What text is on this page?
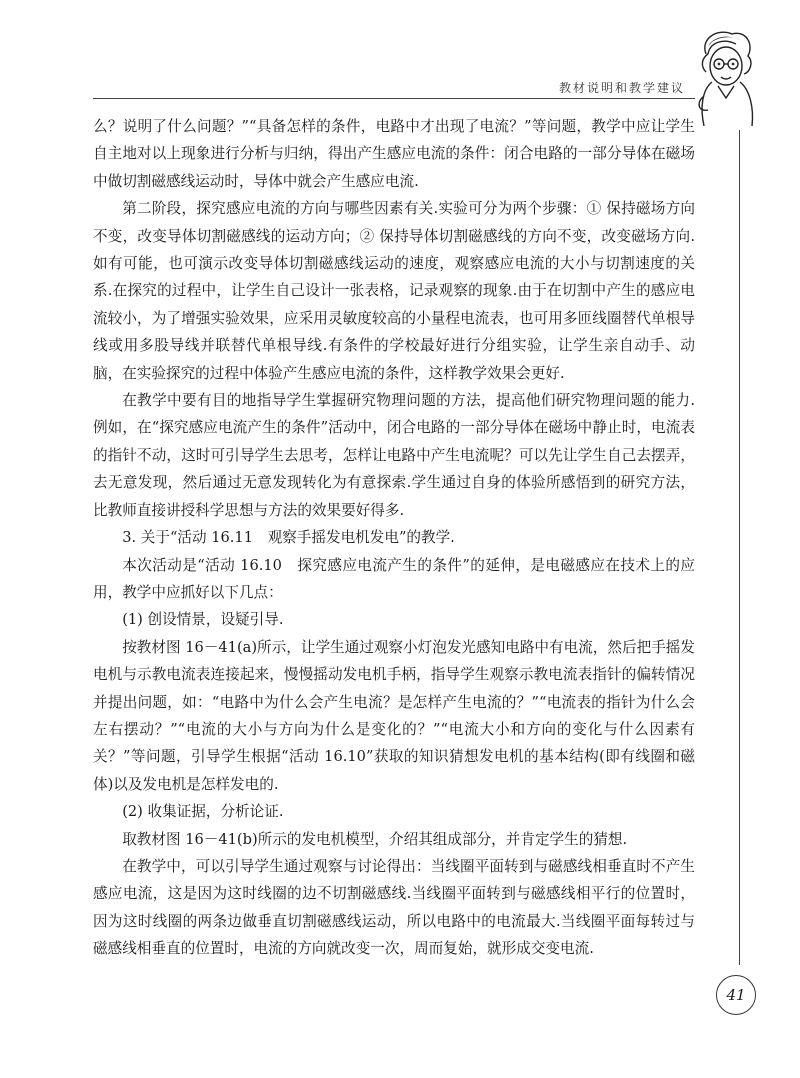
教材说明和教学建议

么？说明了什么问题？”“具备怎样的条件，电路中才出现了电流？”等问题，教学中应让学生自主地对以上现象进行分析与归纳，得出产生感应电流的条件：闭合电路的一部分导体在磁场中做切割磁感线运动时，导体中就会产生感应电流.

第二阶段，探究感应电流的方向与哪些因素有关.实验可分为两个步骤：① 保持磁场方向不变，改变导体切割磁感线的运动方向；② 保持导体切割磁感线的方向不变，改变磁场方向.如有可能，也可演示改变导体切割磁感线运动的速度，观察感应电流的大小与切割速度的关系.在探究的过程中，让学生自己设计一张表格，记录观察的现象.由于在切割中产生的感应电流较小，为了增强实验效果，应采用灵敏度较高的小量程电流表，也可用多匝线圈替代单根导线或用多股导线并联替代单根导线.有条件的学校最好进行分组实验，让学生亲自动手、动脑，在实验探究的过程中体验产生感应电流的条件，这样教学效果会更好.

在教学中要有目的地指导学生掌握研究物理问题的方法，提高他们研究物理问题的能力.例如，在“探究感应电流产生的条件”活动中，闭合电路的一部分导体在磁场中静止时，电流表的指针不动，这时可引导学生去思考，怎样让电路中产生电流呢？可以先让学生自己去摆弄，去无意发现，然后通过无意发现转化为有意探索.学生通过自身的体验所感悟到的研究方法，比教师直接讲授科学思想与方法的效果要好得多.

3. 关于“活动 16.11　观察手摇发电机发电”的教学.

本次活动是“活动 16.10　探究感应电流产生的条件”的延伸，是电磁感应在技术上的应用，教学中应抓好以下几点：

(1) 创设情景，设疑引导.

按教材图 16－41(a)所示，让学生通过观察小灯泡发光感知电路中有电流，然后把手摇发电机与示教电流表连接起来，慢慢摇动发电机手柄，指导学生观察示教电流表指针的偏转情况并提出问题，如：“电路中为什么会产生电流？是怎样产生电流的？”“电流表的指针为什么会左右摆动？”“电流的大小与方向为什么是变化的？”“电流大小和方向的变化与什么因素有关？”等问题，引导学生根据“活动 16.10”获取的知识猜想发电机的基本结构(即有线圈和磁体)以及发电机是怎样发电的.

(2) 收集证据，分析论证.

取教材图 16－41(b)所示的发电机模型，介绍其组成部分，并肯定学生的猜想.

在教学中，可以引导学生通过观察与讨论得出：当线圈平面转到与磁感线相垂直时不产生感应电流，这是因为这时线圈的边不切割磁感线.当线圈平面转到与磁感线相平行的位置时，因为这时线圈的两条边做垂直切割磁感线运动，所以电路中的电流最大.当线圈平面每转过与磁感线相垂直的位置时，电流的方向就改变一次，周而复始，就形成交变电流.

41
